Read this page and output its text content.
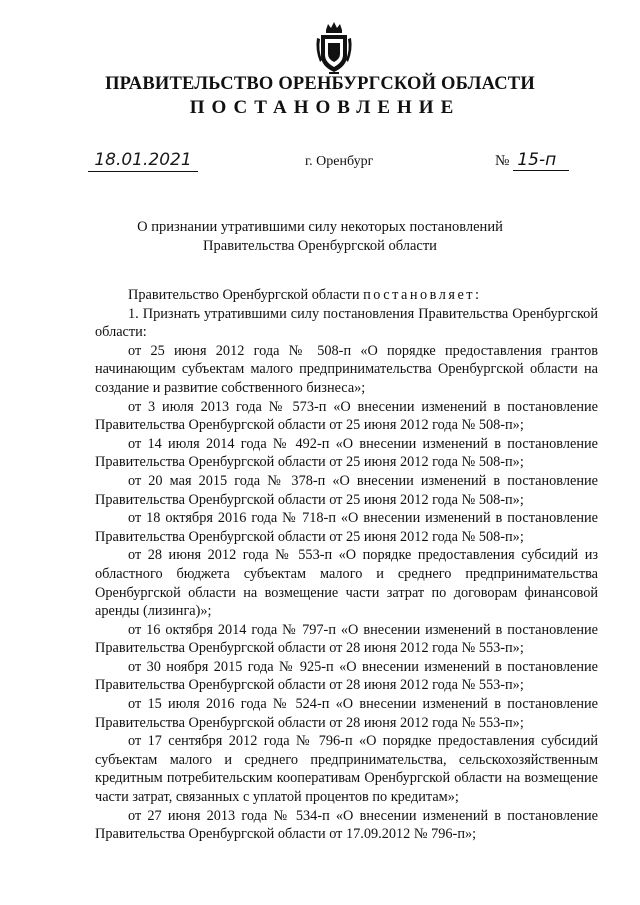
ПРАВИТЕЛЬСТВО ОРЕНБУРГСКОЙ ОБЛАСТИ
ПОСТАНОВЛЕНИЕ
18.01.2021	г. Оренбург	№ 15-п
О признании утратившими силу некоторых постановлений
Правительства Оренбургской области

Правительство Оренбургской области постановляет:

1. Признать утратившими силу постановления Правительства Оренбургской области:

от 25 июня 2012 года № 508-п «О порядке предоставления грантов начинающим субъектам малого предпринимательства Оренбургской области на создание и развитие собственного бизнеса»;

от 3 июля 2013 года № 573-п «О внесении изменений в постановление Правительства Оренбургской области от 25 июня 2012 года № 508-п»;

от 14 июля 2014 года № 492-п «О внесении изменений в постановление Правительства Оренбургской области от 25 июня 2012 года № 508-п»;

от 20 мая 2015 года № 378-п «О внесении изменений в постановление Правительства Оренбургской области от 25 июня 2012 года № 508-п»;

от 18 октября 2016 года № 718-п «О внесении изменений в постановление Правительства Оренбургской области от 25 июня 2012 года № 508-п»;

от 28 июня 2012 года № 553-п «О порядке предоставления субсидий из областного бюджета субъектам малого и среднего предпринимательства Оренбургской области на возмещение части затрат по договорам финансовой аренды (лизинга)»;

от 16 октября 2014 года № 797-п «О внесении изменений в постановление Правительства Оренбургской области от 28 июня 2012 года № 553-п»;

от 30 ноября 2015 года № 925-п «О внесении изменений в постановление Правительства Оренбургской области от 28 июня 2012 года № 553-п»;

от 15 июля 2016 года № 524-п «О внесении изменений в постановление Правительства Оренбургской области от 28 июня 2012 года № 553-п»;

от 17 сентября 2012 года № 796-п «О порядке предоставления субсидий субъектам малого и среднего предпринимательства, сельскохозяйственным кредитным потребительским кооперативам Оренбургской области на возмещение части затрат, связанных с уплатой процентов по кредитам»;

от 27 июня 2013 года № 534-п «О внесении изменений в постановление Правительства Оренбургской области от 17.09.2012 № 796-п»;
